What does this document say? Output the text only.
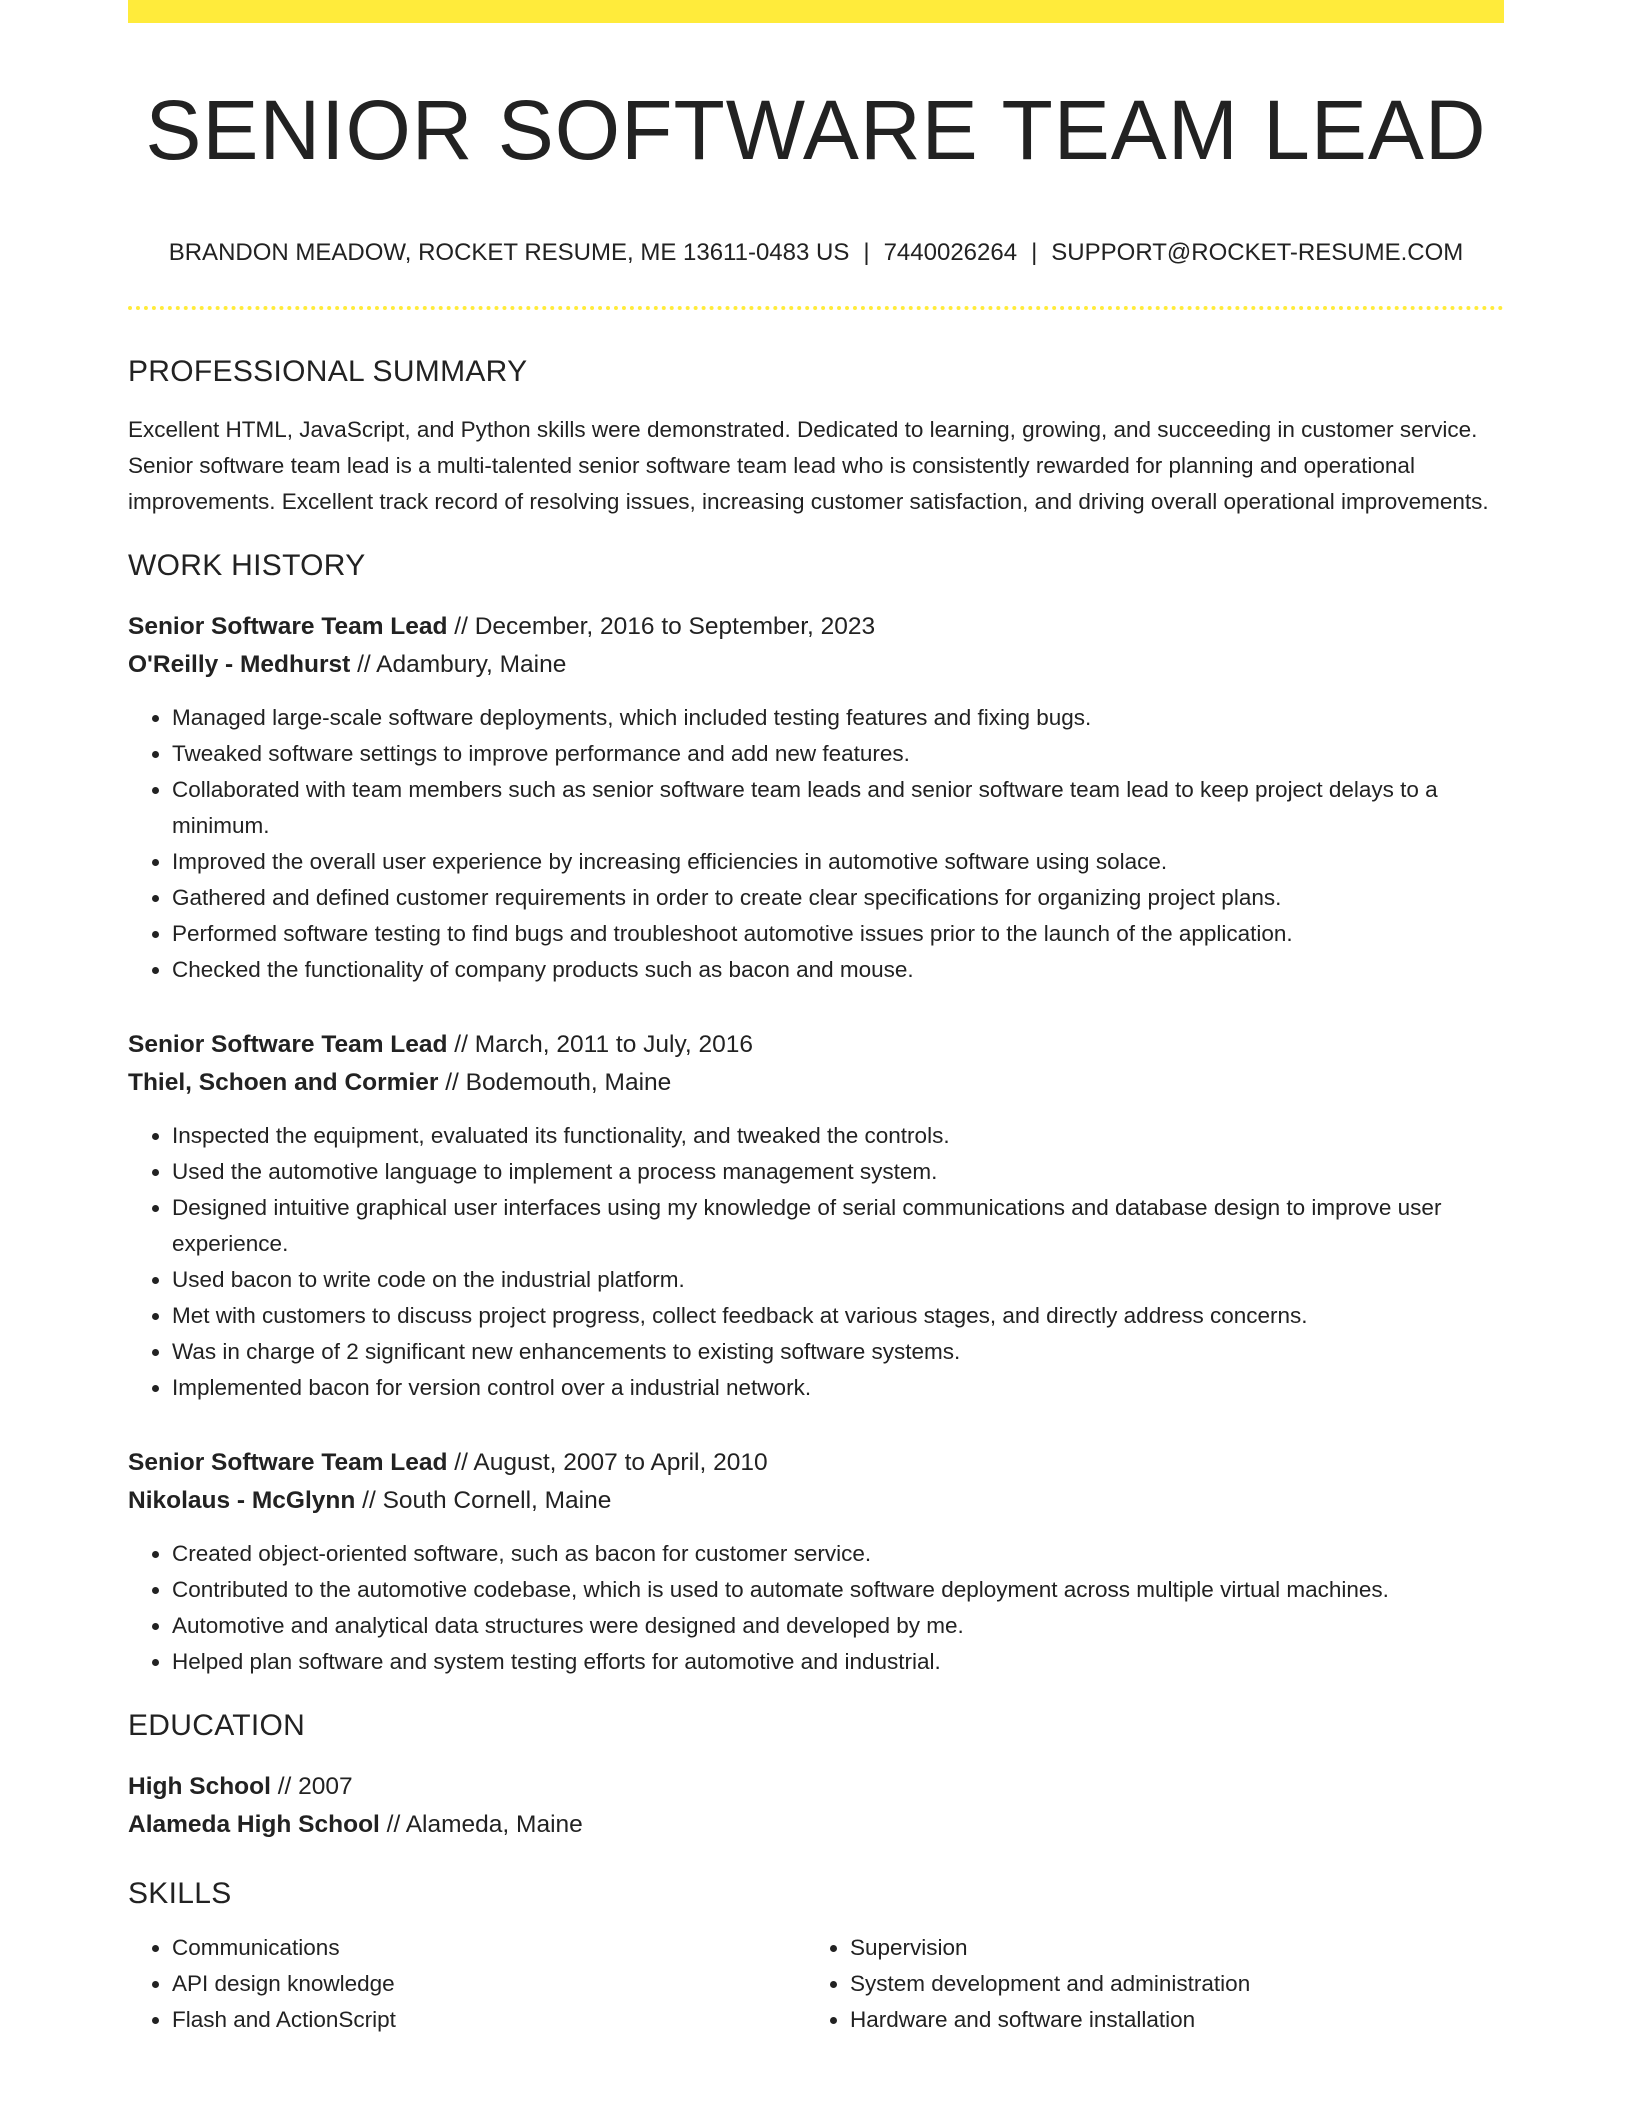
SENIOR SOFTWARE TEAM LEAD
BRANDON MEADOW, ROCKET RESUME, ME 13611-0483 US | 7440026264 | SUPPORT@ROCKET-RESUME.COM
PROFESSIONAL SUMMARY

Excellent HTML, JavaScript, and Python skills were demonstrated. Dedicated to learning, growing, and succeeding in customer service. Senior software team lead is a multi-talented senior software team lead who is consistently rewarded for planning and operational improvements. Excellent track record of resolving issues, increasing customer satisfaction, and driving overall operational improvements.

WORK HISTORY
Senior Software Team Lead // December, 2016 to September, 2023
O'Reilly - Medhurst // Adambury, Maine
• Managed large-scale software deployments, which included testing features and fixing bugs.
• Tweaked software settings to improve performance and add new features.
• Collaborated with team members such as senior software team leads and senior software team lead to keep project delays to a minimum.
• Improved the overall user experience by increasing efficiencies in automotive software using solace.
• Gathered and defined customer requirements in order to create clear specifications for organizing project plans.
• Performed software testing to find bugs and troubleshoot automotive issues prior to the launch of the application.
• Checked the functionality of company products such as bacon and mouse.
Senior Software Team Lead // March, 2011 to July, 2016
Thiel, Schoen and Cormier // Bodemouth, Maine
• Inspected the equipment, evaluated its functionality, and tweaked the controls.
• Used the automotive language to implement a process management system.
• Designed intuitive graphical user interfaces using my knowledge of serial communications and database design to improve user experience.
• Used bacon to write code on the industrial platform.
• Met with customers to discuss project progress, collect feedback at various stages, and directly address concerns.
• Was in charge of 2 significant new enhancements to existing software systems.
• Implemented bacon for version control over a industrial network.
Senior Software Team Lead // August, 2007 to April, 2010
Nikolaus - McGlynn // South Cornell, Maine
• Created object-oriented software, such as bacon for customer service.
• Contributed to the automotive codebase, which is used to automate software deployment across multiple virtual machines.
• Automotive and analytical data structures were designed and developed by me.
• Helped plan software and system testing efforts for automotive and industrial.
EDUCATION
High School // 2007
Alameda High School // Alameda, Maine
SKILLS
• Communications
• API design knowledge
• Flash and ActionScript
• Supervision
• System development and administration
• Hardware and software installation
